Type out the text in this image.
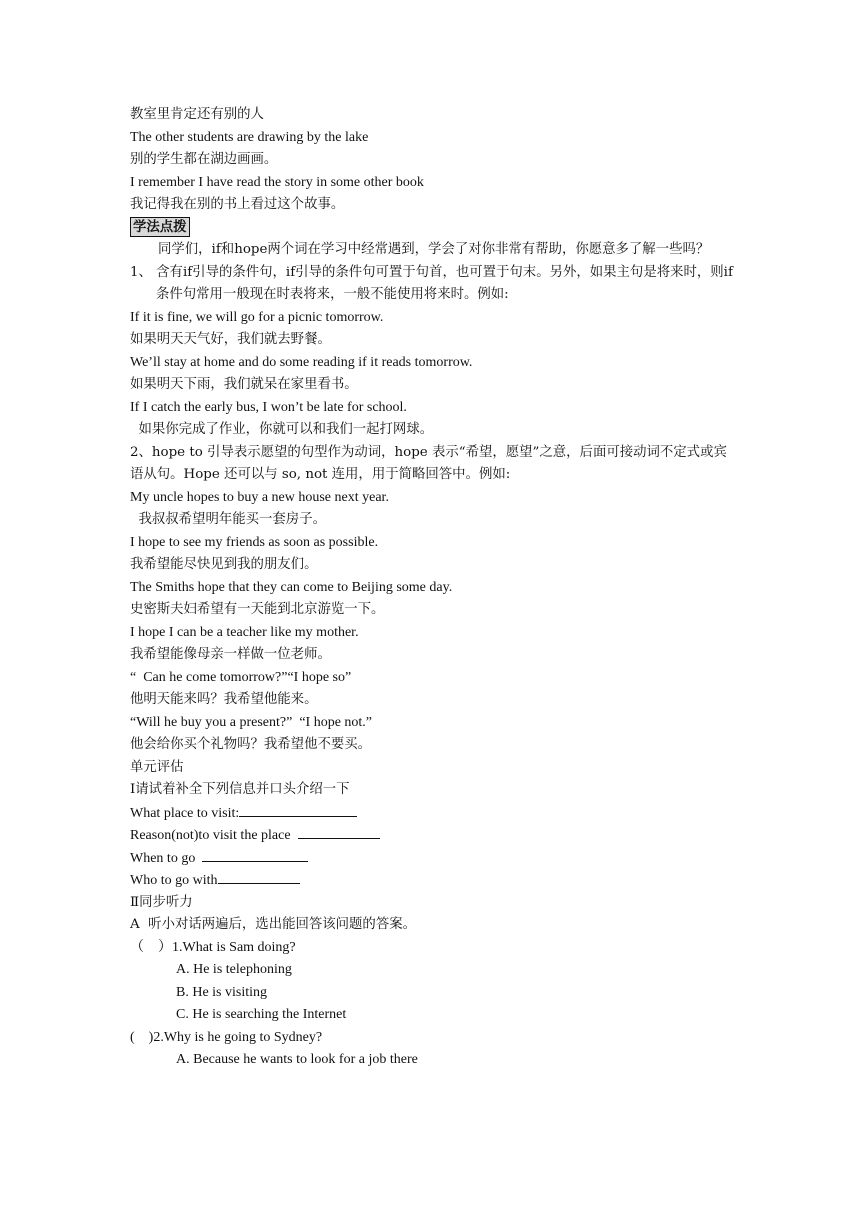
教室里肯定还有别的人
The other students are drawing by the lake
别的学生都在湖边画画。
I remember I have read the story in some other book
我记得我在别的书上看过这个故事。
学法点拨
同学们，if和hope两个词在学习中经常遇到，学会了对你非常有帮助，你愿意多了解一些吗？
1、 含有if引导的条件句，if引导的条件句可置于句首，也可置于句末。另外，如果主句是将来时，则if条件句常用一般现在时表将来，一般不能使用将来时。例如:
If it is fine, we will go for a picnic tomorrow.
如果明天天气好，我们就去野餐。
We’ll stay at home and do some reading if it reads tomorrow.
如果明天下雨，我们就呆在家里看书。
If I catch the early bus, I won’t be late for school.
如果你完成了作业，你就可以和我们一起打网球。
2、hope to 引导表示愿望的句型作为动词，hope 表示“希望，愿望”之意，后面可接动词不定式或宾语从句。Hope 还可以与 so, not 连用，用于简略回答中。例如:
My uncle hopes to buy a new house next year.
我叔叔希望明年能买一套房子。
I hope to see my friends as soon as possible.
我希望能尽快见到我的朋友们。
The Smiths hope that they can come to Beijing some day.
史密斯夫妇希望有一天能到北京游览一下。
I hope I can be a teacher like my mother.
我希望能像母亲一样做一位老师。
“  Can he come tomorrow?”“I hope so”
他明天能来吗？我希望他能来。
“Will he buy you a present?”  “I hope not.”
他会给你买个礼物吗？我希望他不要买。
单元评估
Ⅰ请试着补全下列信息并口头介绍一下
What place to visit:
Reason(not)to visit the place
When to go
Who to go with
Ⅱ同步听力
A  听小对话两遍后，选出能回答该问题的答案。
（    ）1.What is Sam doing?
A. He is telephoning
B. He is visiting
C. He is searching the Internet
(    )2.Why is he going to Sydney?
A. Because he wants to look for a job there
